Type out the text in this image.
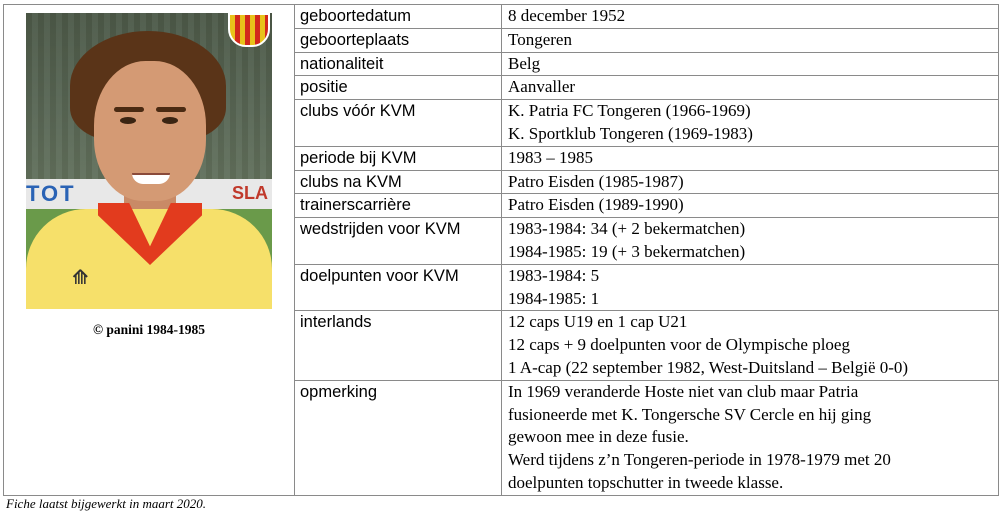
TOT SLA
⟰
© panini 1984-1985	geboortedatum	8 december 1952

	geboorteplaats	Tongeren

	nationaliteit	Belg

	positie	Aanvaller

	clubs vóór KVM	K. Patria FC Tongeren (1966-1969)
K. Sportklub Tongeren (1969-1983)

	periode bij KVM	1983 – 1985

	clubs na KVM	Patro Eisden (1985-1987)

	trainerscarrière	Patro Eisden (1989-1990)

	wedstrijden voor KVM	1983-1984: 34 (+ 2 bekermatchen)
1984-1985: 19 (+ 3 bekermatchen)

	doelpunten voor KVM	1983-1984: 5
1984-1985: 1

	interlands	12 caps U19 en 1 cap U21
12 caps + 9 doelpunten voor de Olympische ploeg
1 A-cap (22 september 1982, West-Duitsland – België 0-0)

	opmerking	In 1969 veranderde Hoste niet van club maar Patria
fusioneerde met K. Tongersche SV Cercle en hij ging
gewoon mee in deze fusie.
Werd tijdens z’n Tongeren-periode in 1978-1979 met 20
doelpunten topschutter in tweede klasse.
Fiche laatst bijgewerkt in maart 2020.
